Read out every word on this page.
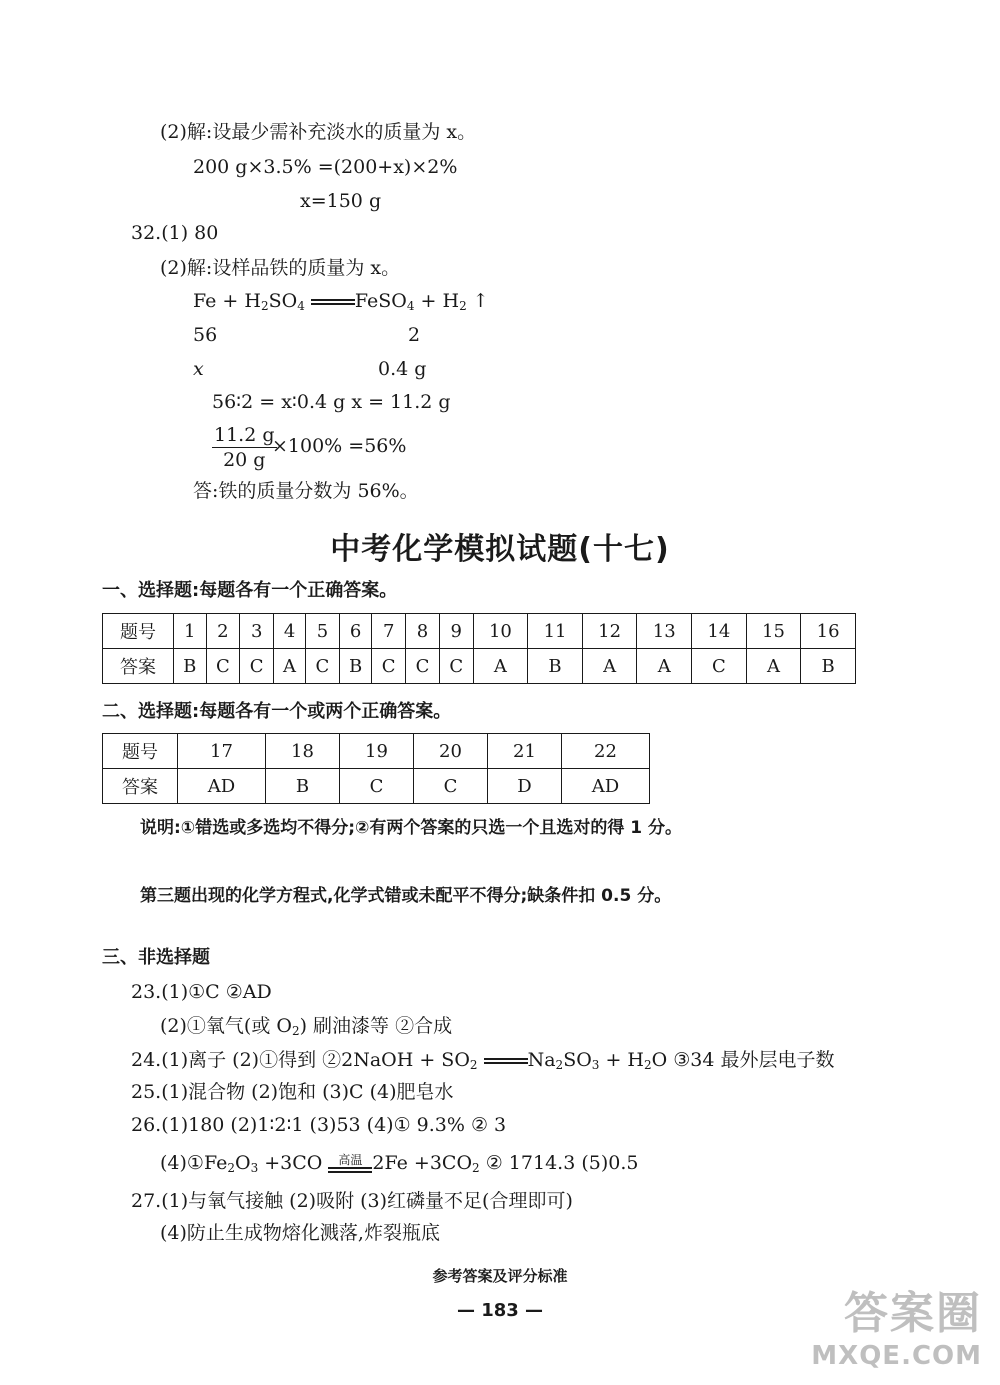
(2)解:设最少需补充淡水的质量为 x。
200 g×3.5% =(200+x)×2%
x=150 g
32.(1) 80
(2)解:设样品铁的质量为 x。
$Fe + H_2SO_4$	FeSO$_4$ + $H_2$ ↑
56	2
x	0.4 g
56∶2 = x∶0.4 g x = 11.2 g
$\frac{11.2 g}{20 g}$
×100% =56%
答:铁的质量分数为 56%。
中考化学模拟试题(十七)
一、选择题:每题各有一个正确答案。
题号	1	2	3	4	5	6	7	8	9	10	11	12	13	14	15	16
答案	B	C	C	A	C	B	C	C	C	A	B	A	A	C	A	B
二、选择题:每题各有一个或两个正确答案。
题号	17	18	19	20	21	22
答案	AD	B	C	C	D	AD
说明:①错选或多选均不得分;②有两个答案的只选一个且选对的得 1 分。
第三题出现的化学方程式,化学式错或未配平不得分;缺条件扣 0.5 分。
三、非选择题
23.(1)①C ②AD
(2)①氧气(或 $O_2$) 刷油漆等 ②合成
24.(1)离子 (2)①得到 ②2NaOH + $SO_2$	$Na_2SO_3 + H_2O$ ③34 最外层电子数
25.(1)混合物 (2)饱和 (3)C (4)肥皂水
26.(1)180 (2)1∶2∶1 (3)53 (4)① 9.3% ② 3
$(4)①Fe_2O_3 +3CO$ 高温 $2Fe +3CO_2$ ② 1714.3 (5)0.5
27.(1)与氧气接触 (2)吸附 (3)红磷量不足(合理即可)
(4)防止生成物熔化溅落,炸裂瓶底
参考答案及评分标准
— 183 —	答案圈
MXQE.COM
